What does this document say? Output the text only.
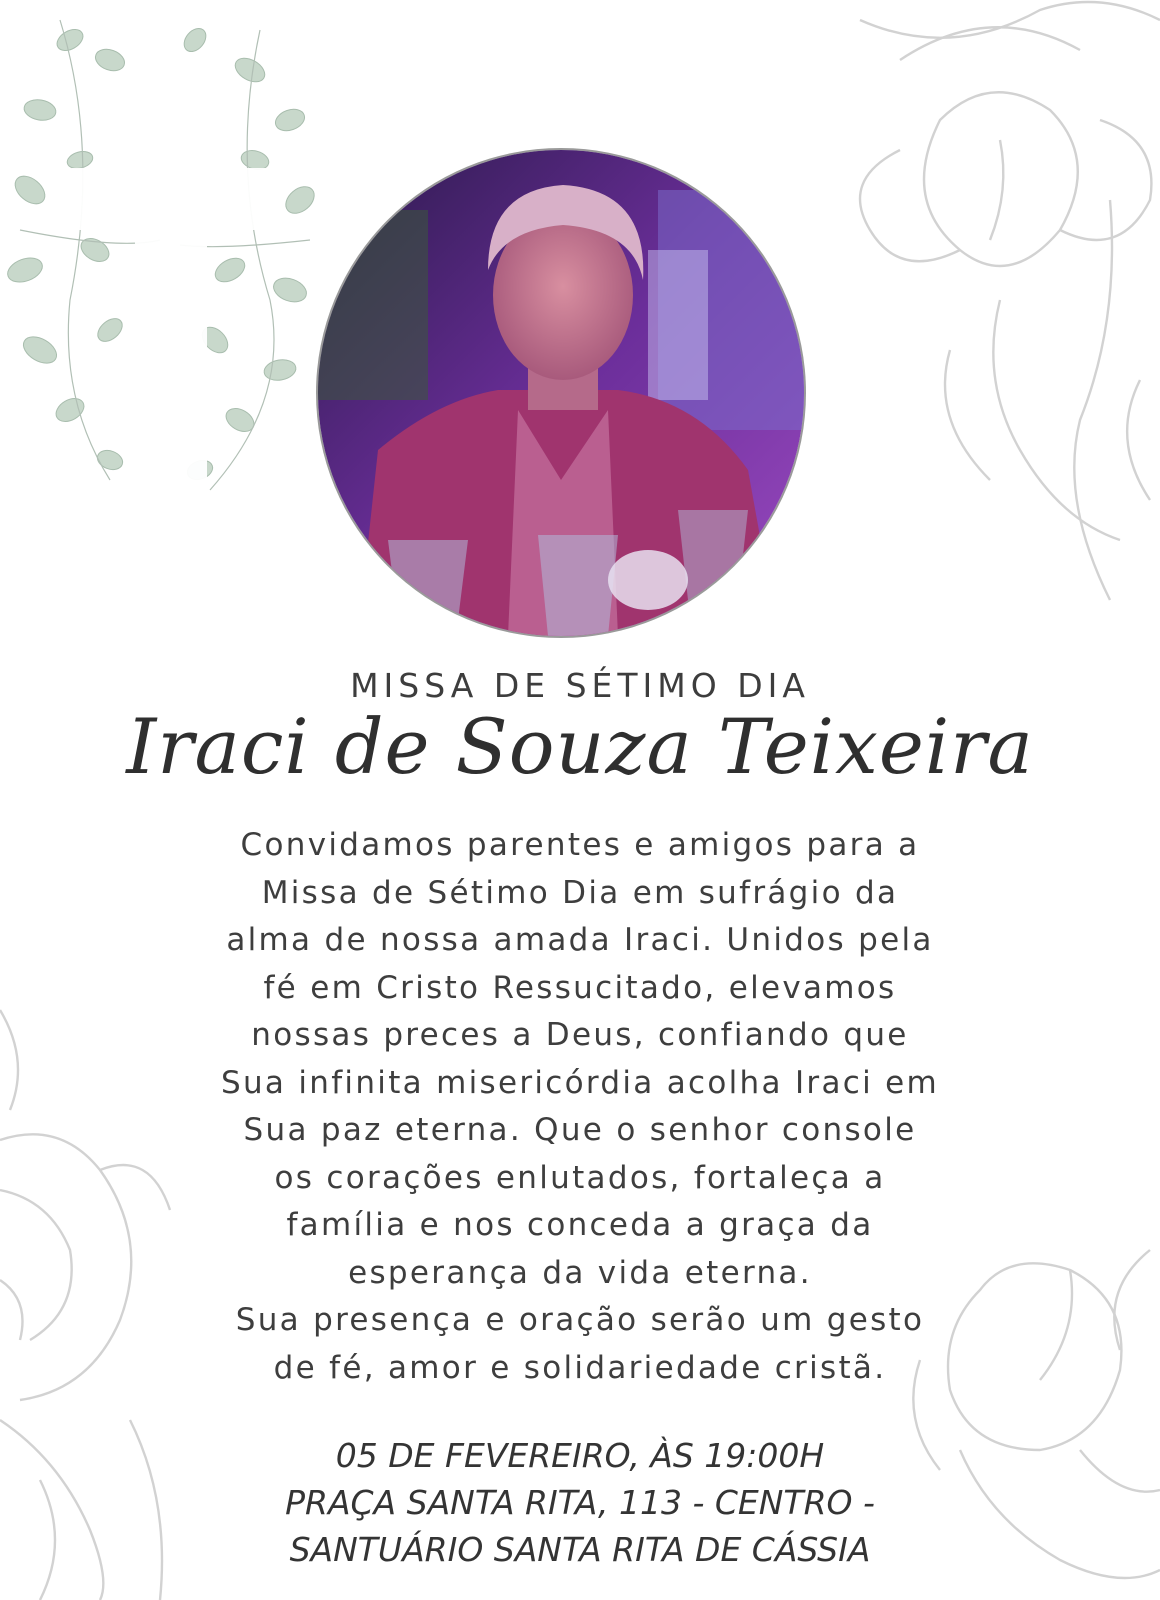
MISSA DE SÉTIMO DIA
Iraci de Souza Teixeira
Convidamos parentes e amigos para a
Missa de Sétimo Dia em sufrágio da
alma de nossa amada Iraci. Unidos pela
fé em Cristo Ressucitado, elevamos
nossas preces a Deus, confiando que
Sua infinita misericórdia acolha Iraci em
Sua paz eterna. Que o senhor console
os corações enlutados, fortaleça a
família e nos conceda a graça da
esperança da vida eterna.
Sua presença e oração serão um gesto
de fé, amor e solidariedade cristã.
05 DE FEVEREIRO, ÀS 19:00H
PRAÇA SANTA RITA, 113 - CENTRO -
SANTUÁRIO SANTA RITA DE CÁSSIA
